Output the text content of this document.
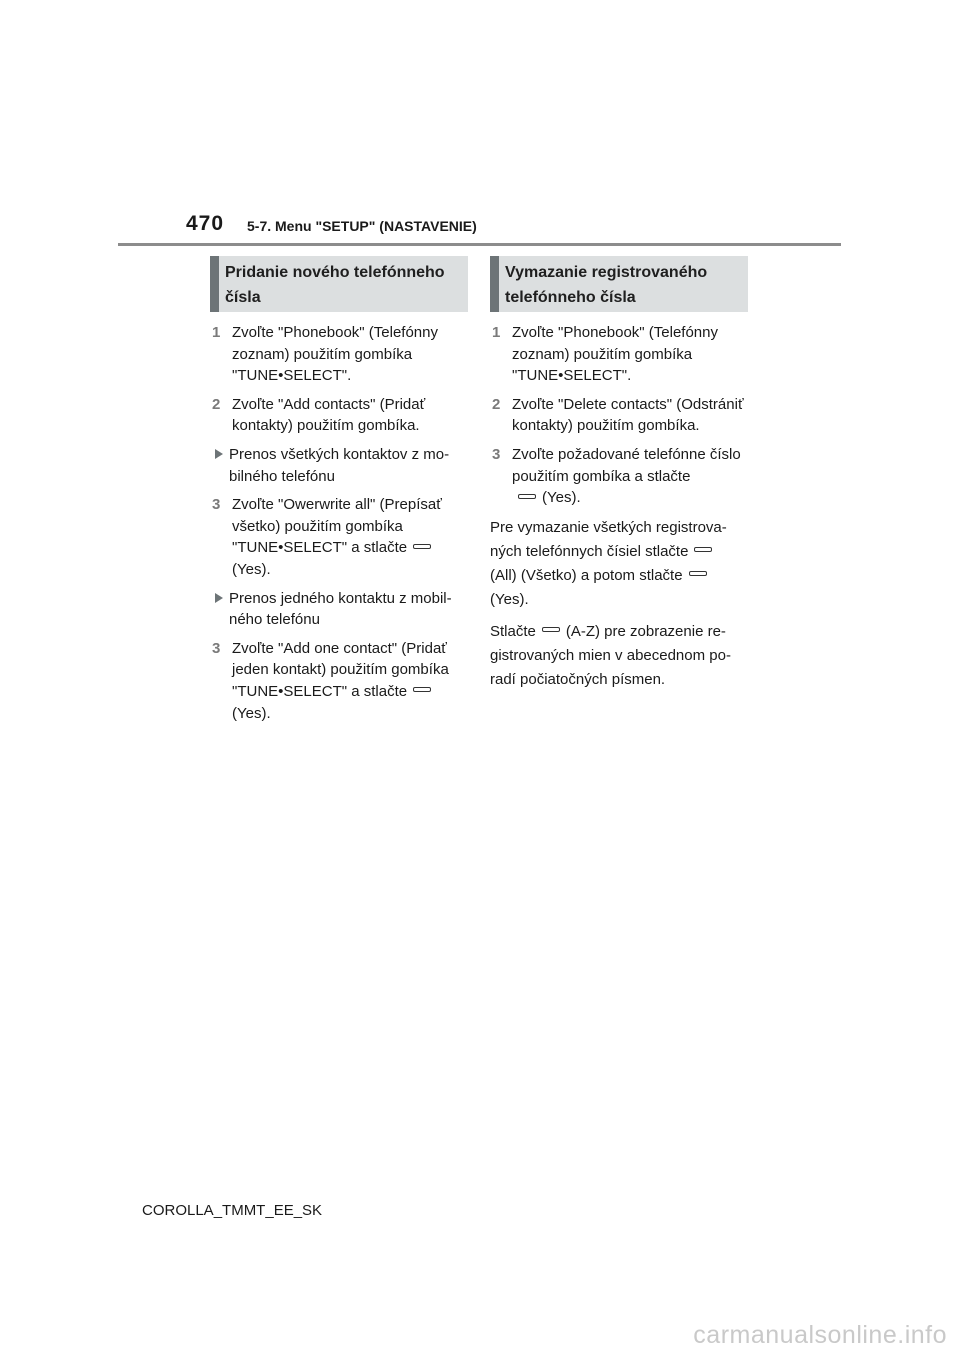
470 5-7. Menu "SETUP" (NASTAVENIE)
Pridanie nového telefónneho čísla
1 Zvoľte "Phonebook" (Telefónny zoznam) použitím gombíka "TUNE•SELECT".
2 Zvoľte "Add contacts" (Pridať kontakty) použitím gombíka.
Prenos všetkých kontaktov z mobilného telefónu
3 Zvoľte "Owerwrite all" (Prepísať všetko) použitím gombíka "TUNE•SELECT" a stlačte
(Yes).
Prenos jedného kontaktu z mobilného telefónu
3 Zvoľte "Add one contact" (Pridať jeden kontakt) použitím gombíka "TUNE•SELECT" a stlačte
(Yes).
Vymazanie registrovaného telefónneho čísla
1 Zvoľte "Phonebook" (Telefónny zoznam) použitím gombíka "TUNE•SELECT".
2 Zvoľte "Delete contacts" (Odstrániť kontakty) použitím gombíka.
3 Zvoľte požadované telefónne číslo použitím gombíka a stlačte
(Yes).
Pre vymazanie všetkých registrovaných telefónnych čísiel stlačte (All) (Všetko) a potom stlačte (Yes).
Stlačte (A-Z) pre zobrazenie registrovaných mien v abecednom poradí počiatočných písmen.
COROLLA_TMMT_EE_SK
carmanualsonline.info
